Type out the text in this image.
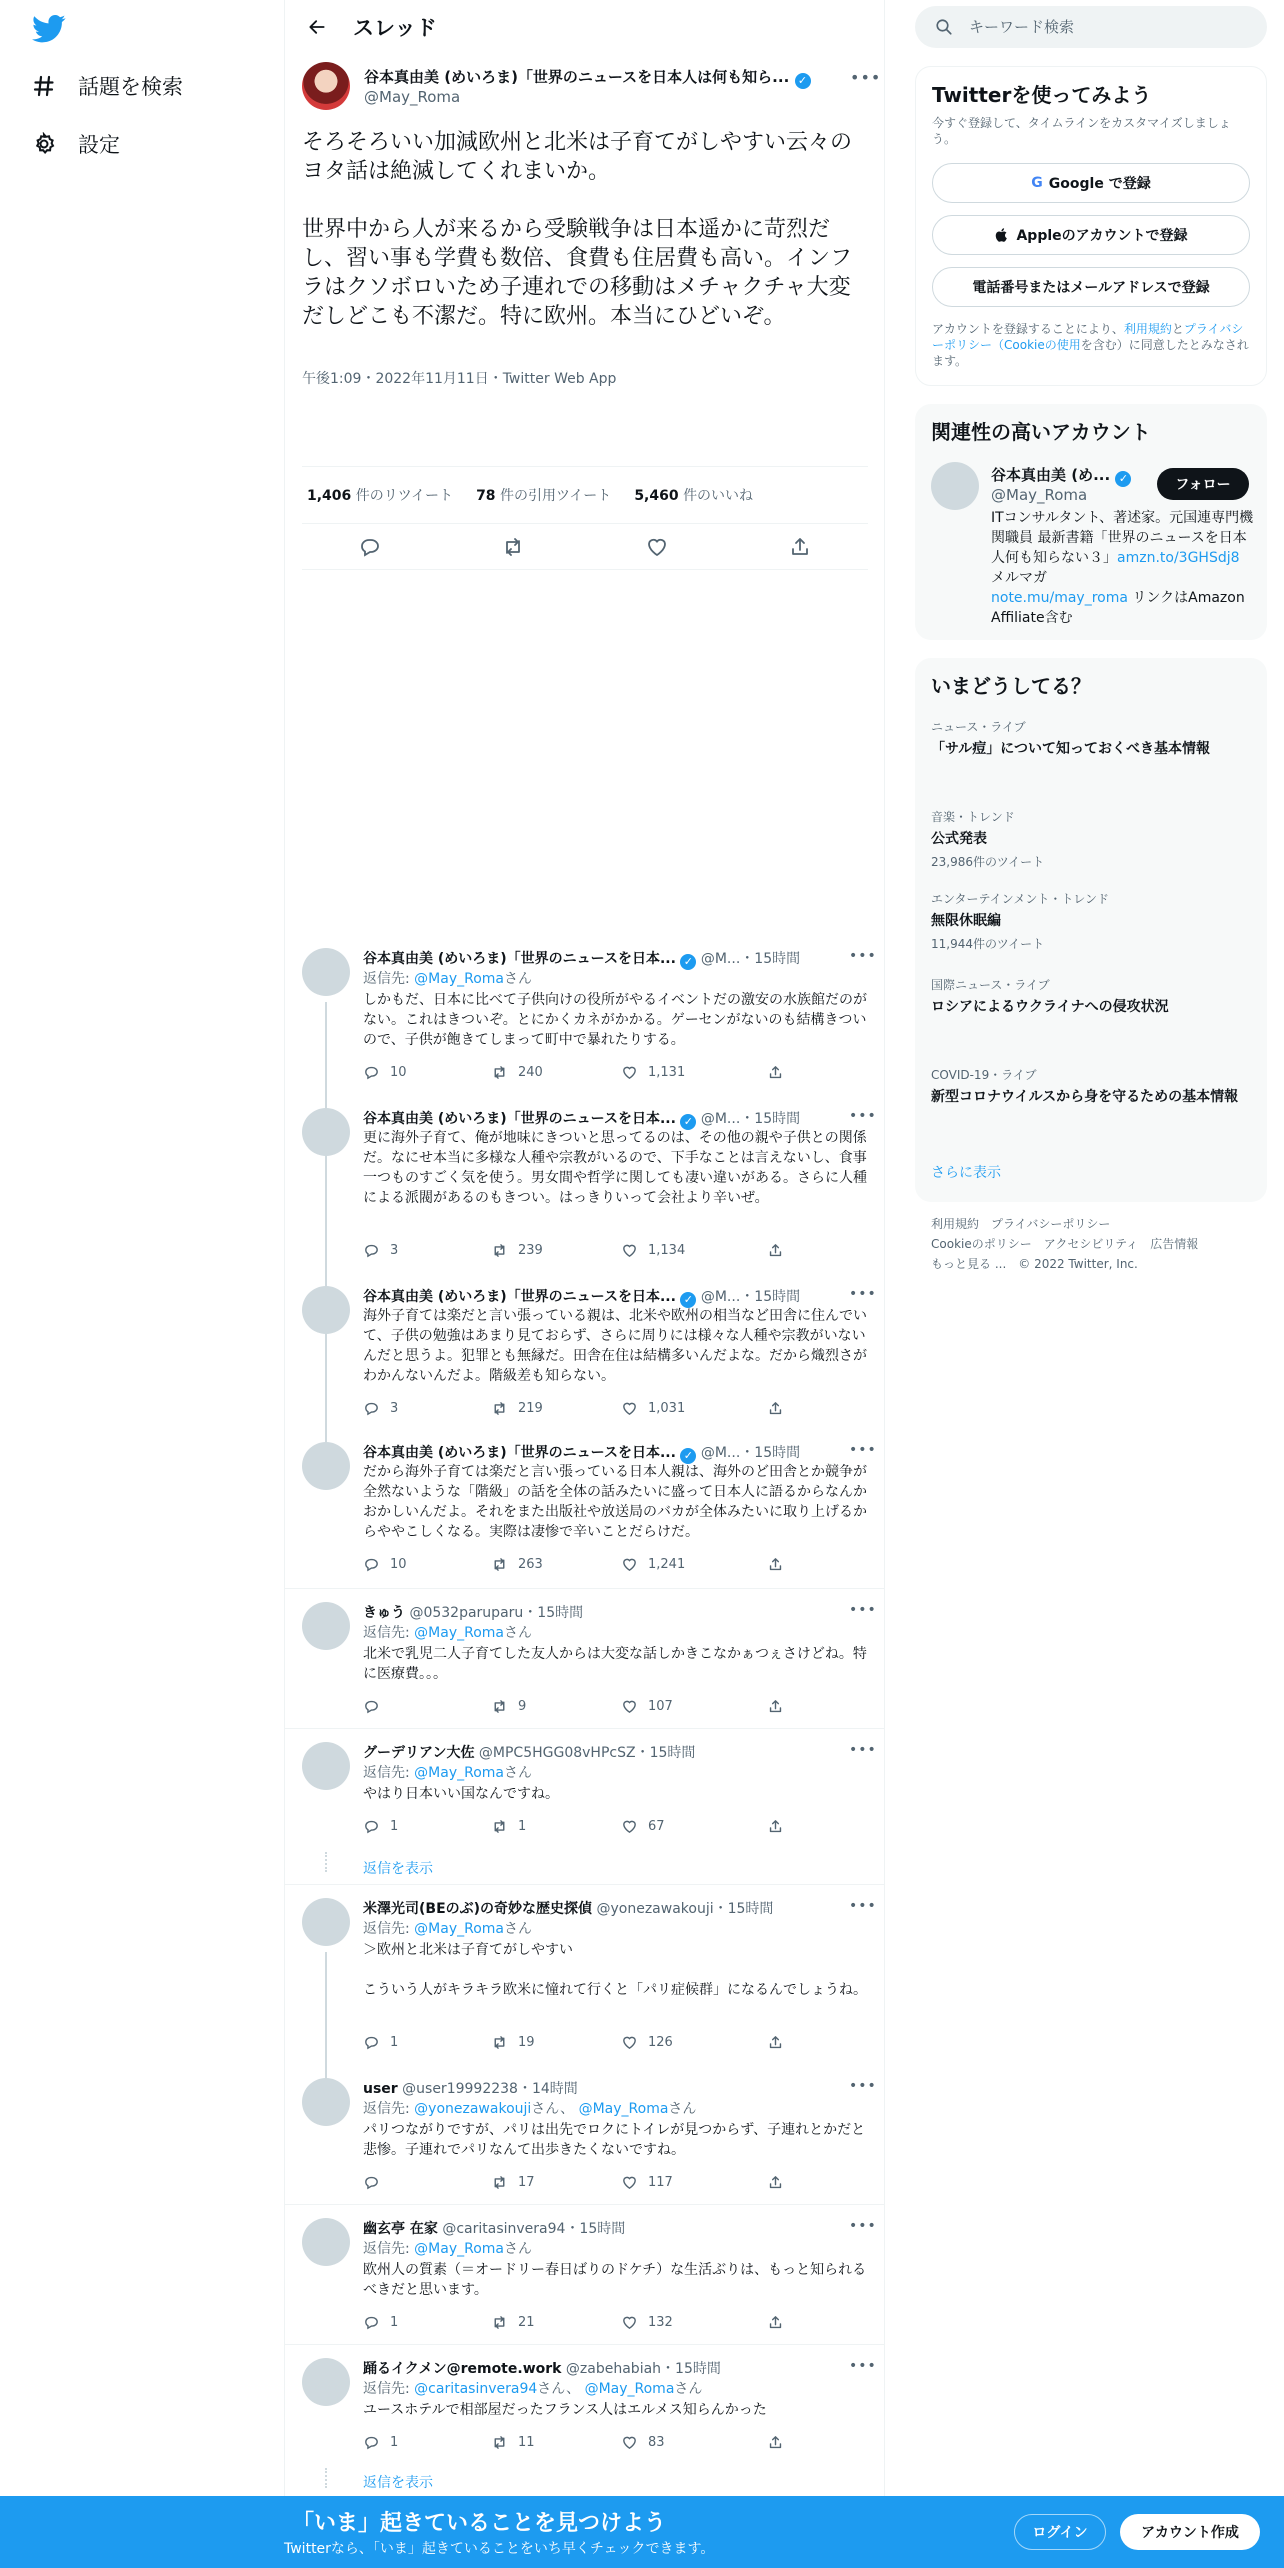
話題を検索
設定
スレッド
谷本真由美 (めいろま)「世界のニュースを日本人は何も知ら... ✓
@May_Roma
•••
そろそろいい加減欧州と北米は子育てがしやすい云々のヨタ話は絶滅してくれまいか。

世界中から人が来るから受験戦争は日本遥かに苛烈だし、習い事も学費も数倍、食費も住居費も高い。インフラはクソボロいため子連れでの移動はメチャクチャ大変だしどこも不潔だ。特に欧州。本当にひどいぞ。
午後1:09・2022年11月11日・Twitter Web App
1,406 件のリツイート 78 件の引用ツイート 5,460 件のいいね
谷本真由美 (めいろま)「世界のニュースを日本... ✓ @M...・15時間	•••
返信先: @May_Romaさん
しかもだ、日本に比べて子供向けの役所がやるイベントだの激安の水族館だのがない。これはきついぞ。とにかくカネがかかる。ゲーセンがないのも結構きついので、子供が飽きてしまって町中で暴れたりする。
10	240	1,131
谷本真由美 (めいろま)「世界のニュースを日本... ✓ @M...・15時間	•••
更に海外子育て、俺が地味にきついと思ってるのは、その他の親や子供との関係だ。なにせ本当に多様な人種や宗教がいるので、下手なことは言えないし、食事一つものすごく気を使う。男女間や哲学に関しても凄い違いがある。さらに人種による派閥があるのもきつい。はっきりいって会社より辛いぜ。
3	239	1,134
谷本真由美 (めいろま)「世界のニュースを日本... ✓ @M...・15時間	•••
海外子育ては楽だと言い張っている親は、北米や欧州の相当など田舎に住んでいて、子供の勉強はあまり見ておらず、さらに周りには様々な人種や宗教がいないんだと思うよ。犯罪とも無縁だ。田舎在住は結構多いんだよな。だから熾烈さがわかんないんだよ。階級差も知らない。
3	219	1,031
谷本真由美 (めいろま)「世界のニュースを日本... ✓ @M...・15時間	•••
だから海外子育ては楽だと言い張っている日本人親は、海外のど田舎とか競争が全然ないような「階級」の話を全体の話みたいに盛って日本人に語るからなんかおかしいんだよ。それをまた出版社や放送局のバカが全体みたいに取り上げるからややこしくなる。実際は凄惨で辛いことだらけだ。
10	263	1,241
きゅう @0532paruparu・15時間	•••
返信先: @May_Romaさん
北米で乳児二人子育てした友人からは大変な話しかきこなかぁつぇさけどね。特に医療費。。。
9	107
グーデリアン大佐 @MPC5HGG08vHPcSZ・15時間	•••
返信先: @May_Romaさん
やはり日本いい国なんですね。
1	1	67
返信を表示
米澤光司(BEのぶ)の奇妙な歴史探偵 @yonezawakouji・15時間	•••
返信先: @May_Romaさん
＞欧州と北米は子育てがしやすい

こういう人がキラキラ欧米に憧れて行くと「パリ症候群」になるんでしょうね。
1	19	126
user @user19992238・14時間	•••
返信先: @yonezawakoujiさん、 @May_Romaさん
パリつながりですが、パリは出先でロクにトイレが見つからず、子連れとかだと悲惨。子連れでパリなんて出歩きたくないですね。
17	117
幽玄亭 在家 @caritasinvera94・15時間	•••
返信先: @May_Romaさん
欧州人の質素（＝オードリー春日ばりのドケチ）な生活ぶりは、もっと知られるべきだと思います。
1	21	132
踊るイクメン@remote.work @zabehabiah・15時間	•••
返信先: @caritasinvera94さん、 @May_Romaさん
ユースホテルで相部屋だったフランス人はエルメス知らんかった
1	11	83
返信を表示
キーワード検索
Twitterを使ってみよう
今すぐ登録して、タイムラインをカスタマイズしましょう。
G Google で登録
Appleのアカウントで登録
電話番号またはメールアドレスで登録
アカウントを登録することにより、利用規約とプライバシーポリシー（Cookieの使用を含む）に同意したとみなされます。
関連性の高いアカウント
谷本真由美 (め... ✓
@May_Roma
フォロー
ITコンサルタント、著述家。元国連専門機関職員 最新書籍「世界のニュースを日本人何も知らない３」amzn.to/3GHSdj8 メルマガ
note.mu/may_roma リンクはAmazon Affiliate含む
いまどうしてる？
ニュース・ライブ
「サル痘」について知っておくべき基本情報
音楽・トレンド
公式発表
23,986件のツイート
エンターテインメント・トレンド
無限休眠編
11,944件のツイート
国際ニュース・ライブ
ロシアによるウクライナへの侵攻状況
COVID-19・ライブ
新型コロナウイルスから身を守るための基本情報
さらに表示
利用規約 プライバシーポリシー
Cookieのポリシー アクセシビリティ 広告情報
もっと見る ... © 2022 Twitter, Inc.
「いま」起きていることを見つけよう
Twitterなら、「いま」起きていることをいち早くチェックできます。
ログイン	アカウント作成
